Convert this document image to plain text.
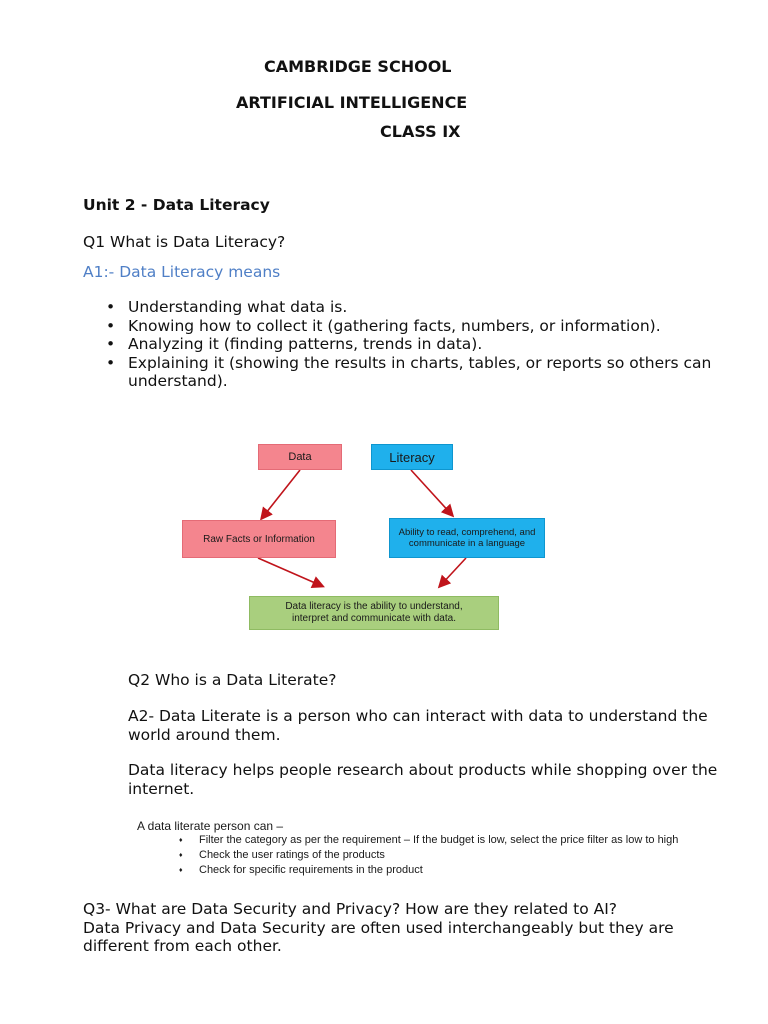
CAMBRIDGE SCHOOL
ARTIFICIAL INTELLIGENCE
CLASS IX
Unit 2 - Data Literacy
Q1 What is Data Literacy?
A1:- Data Literacy means
• Understanding what data is.
• Knowing how to collect it (gathering facts, numbers, or information).
• Analyzing it (finding patterns, trends in data).
• Explaining it (showing the results in charts, tables, or reports so others can understand).
Data	Literacy
Raw Facts or Information
Ability to read, comprehend, and communicate in a language
Data literacy is the ability to understand, interpret and communicate with data.
Q2 Who is a Data Literate?
A2- Data Literate is a person who can interact with data to understand the world around them.
Data literacy helps people research about products while shopping over the internet.
A data literate person can –
♦ Filter the category as per the requirement – If the budget is low, select the price filter as low to high
♦ Check the user ratings of the products
♦ Check for specific requirements in the product
Q3- What are Data Security and Privacy? How are they related to AI?
Data Privacy and Data Security are often used interchangeably but they are different from each other.
